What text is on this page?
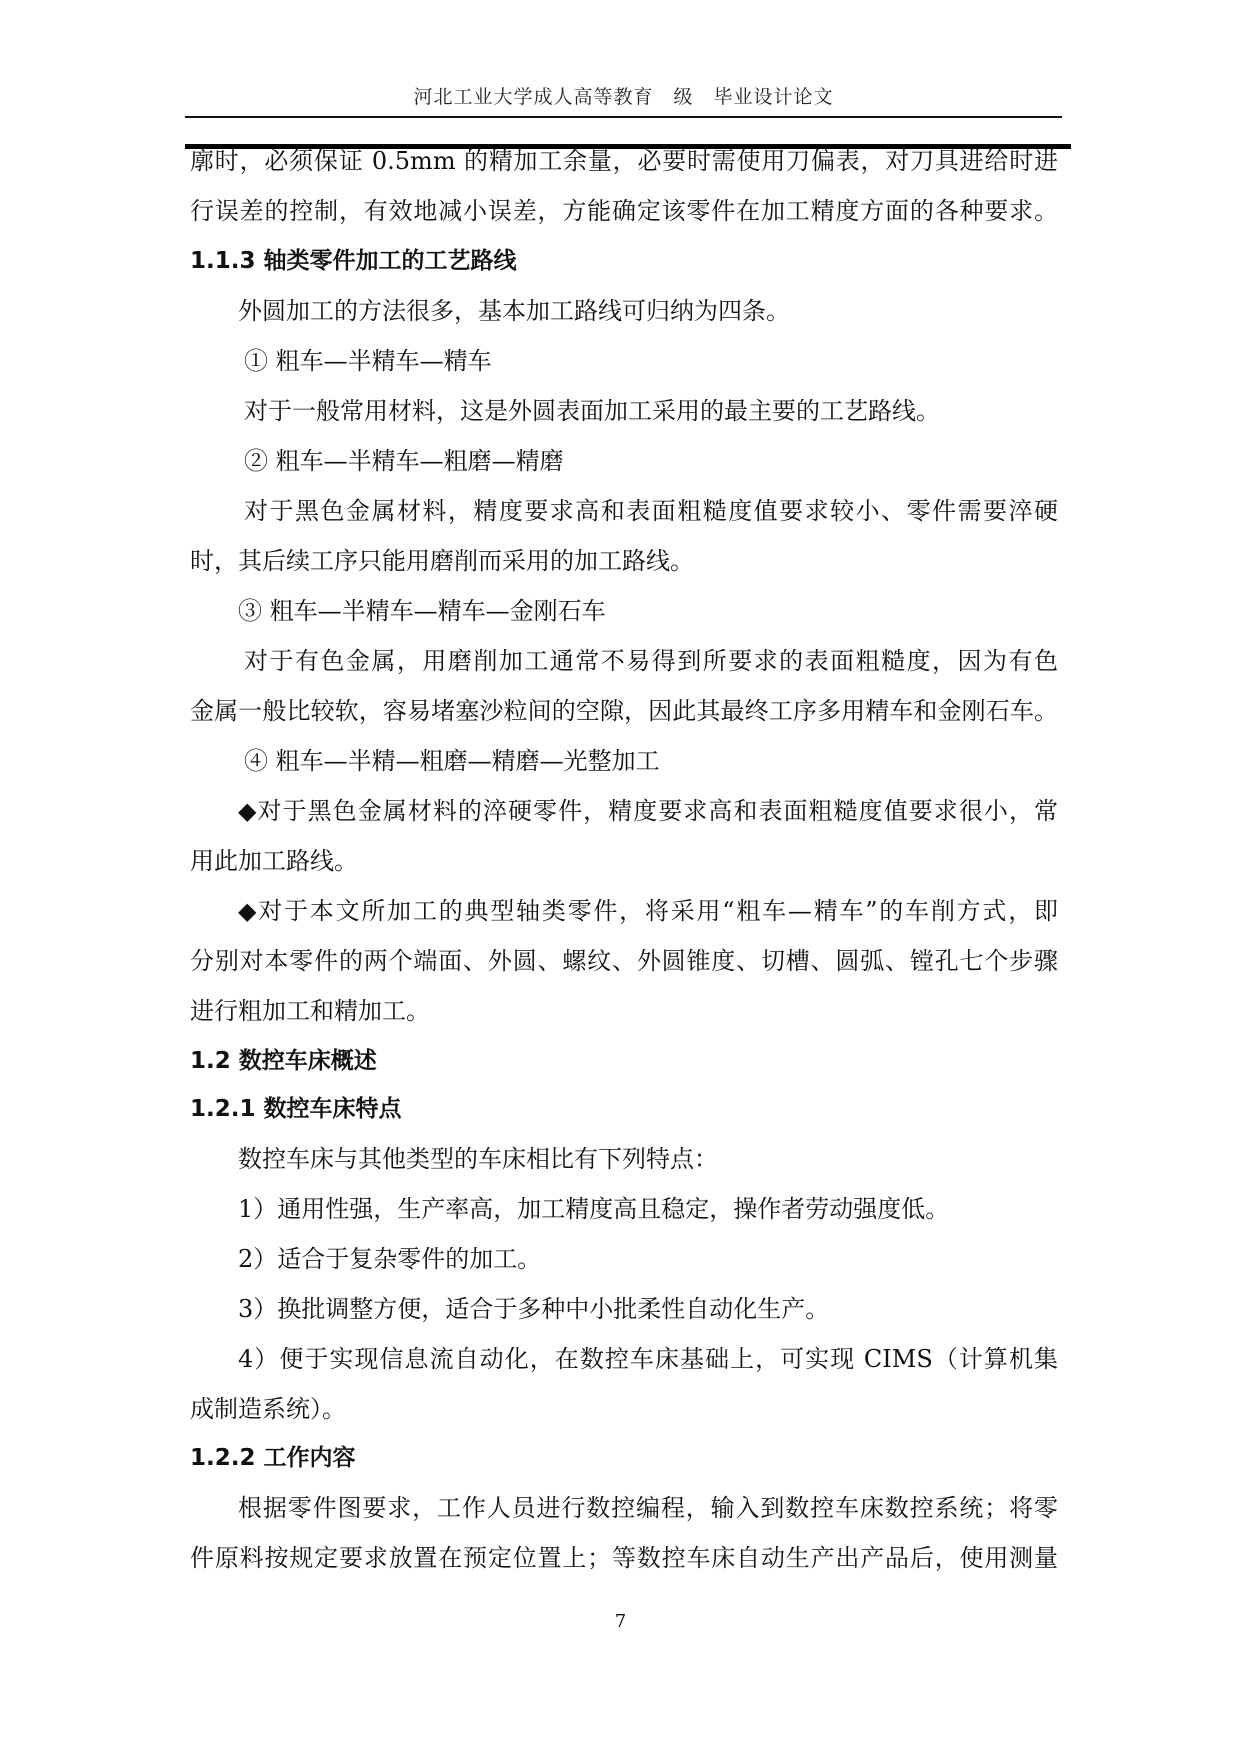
河北工业大学成人高等教育　级　毕业设计论文
廓时，必须保证 0.5mm 的精加工余量，必要时需使用刀偏表，对刀具进给时进
行误差的控制，有效地减小误差，方能确定该零件在加工精度方面的各种要求。
1.1.3 轴类零件加工的工艺路线
外圆加工的方法很多，基本加工路线可归纳为四条。
① 粗车—半精车—精车
对于一般常用材料，这是外圆表面加工采用的最主要的工艺路线。
② 粗车—半精车—粗磨—精磨
对于黑色金属材料，精度要求高和表面粗糙度值要求较小、零件需要淬硬
时，其后续工序只能用磨削而采用的加工路线。
③ 粗车—半精车—精车—金刚石车
对于有色金属，用磨削加工通常不易得到所要求的表面粗糙度，因为有色
金属一般比较软，容易堵塞沙粒间的空隙，因此其最终工序多用精车和金刚石车。
④ 粗车—半精—粗磨—精磨—光整加工
◆对于黑色金属材料的淬硬零件，精度要求高和表面粗糙度值要求很小，常
用此加工路线。
◆对于本文所加工的典型轴类零件，将采用“粗车—精车”的车削方式，即
分别对本零件的两个端面、外圆、螺纹、外圆锥度、切槽、圆弧、镗孔七个步骤
进行粗加工和精加工。
1.2 数控车床概述
1.2.1 数控车床特点
数控车床与其他类型的车床相比有下列特点：
1）通用性强，生产率高，加工精度高且稳定，操作者劳动强度低。
2）适合于复杂零件的加工。
3）换批调整方便，适合于多种中小批柔性自动化生产。
4）便于实现信息流自动化，在数控车床基础上，可实现 CIMS（计算机集
成制造系统）。
1.2.2 工作内容
根据零件图要求，工作人员进行数控编程，输入到数控车床数控系统；将零
件原料按规定要求放置在预定位置上；等数控车床自动生产出产品后，使用测量
7
